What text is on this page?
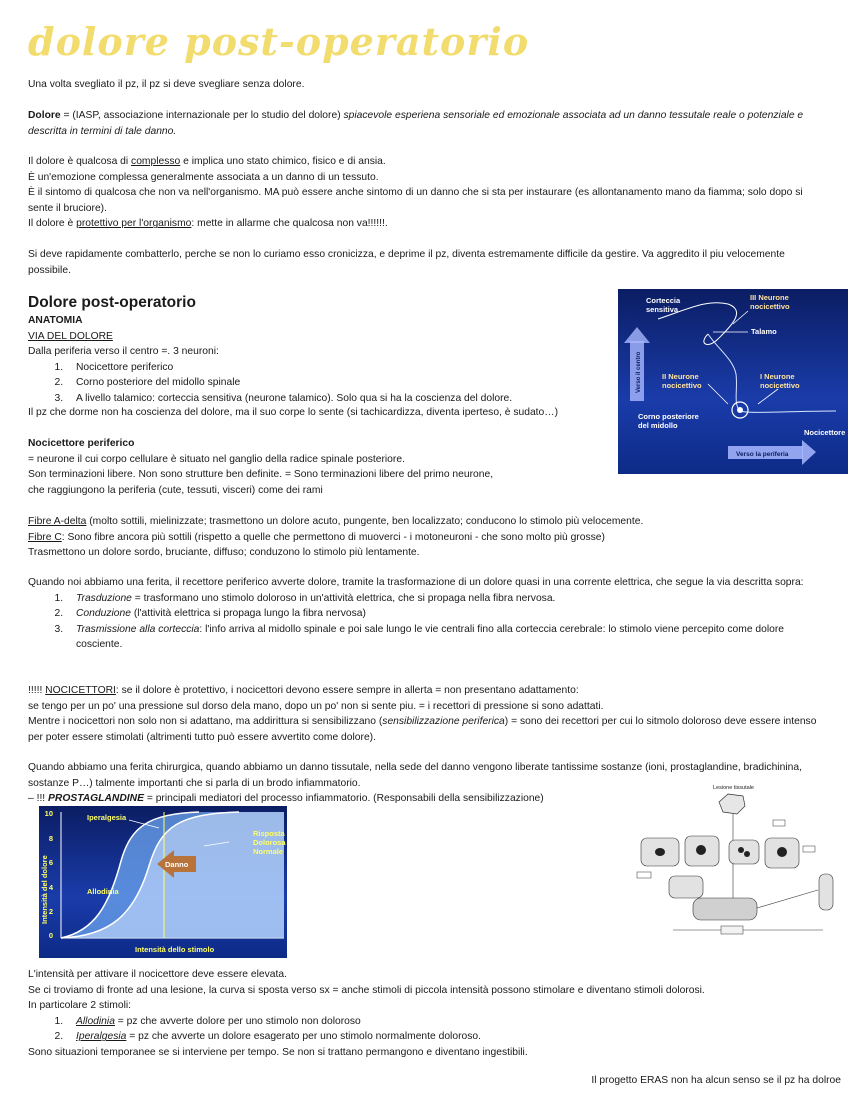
dolore post-operatorio

Una volta svegliato il pz, il pz si deve svegliare senza dolore.

Dolore = (IASP, associazione internazionale per lo studio del dolore) spiacevole esperiena sensoriale ed emozionale associata ad un danno tessutale reale o potenziale e descritta in termini di tale danno.

Il dolore è qualcosa di complesso e implica uno stato chimico, fisico e di ansia.

È un'emozione complessa generalmente associata a un danno di un tessuto.

È il sintomo di qualcosa che non va nell'organismo. MA può essere anche sintomo di un danno che si sta per instaurare (es allontanamento mano da fiamma; solo dopo si sente il bruciore).

Il dolore è protettivo per l'organismo: mette in allarme che qualcosa non va!!!!!!.

Si deve rapidamente combatterlo, perche se non lo curiamo esso cronicizza, e deprime il pz, diventa estremamente difficile da gestire. Va aggredito il piu velocemente possibile.

Dolore post-operatorio

ANATOMIA

VIA DEL DOLORE

Dalla periferia verso il centro =. 3 neuroni:

1. Nocicettore periferico
2. Corno posteriore del midollo spinale
3. A livello talamico: corteccia sensitiva (neurone talamico). Solo qua si ha la coscienza del dolore.

Il pz che dorme non ha coscienza del dolore, ma il suo corpe lo sente (si tachicardizza, diventa iperteso, è sudato…)

Corteccia
sensitiva
III Neurone
nocicettivo
Talamo
II Neurone
nocicettivo
I Neurone
nocicettivo
Corno posteriore
del midollo
Nocicettore
Verso la periferia
Verso il centro

Nocicettore periferico

= neurone il cui corpo cellulare è situato nel ganglio della radice spinale posteriore.

Son terminazioni libere. Non sono strutture ben definite. = Sono terminazioni libere del primo neurone,

che raggiungono la periferia (cute, tessuti, visceri) come dei rami

Fibre A-delta (molto sottili, mielinizzate; trasmettono un dolore acuto, pungente, ben localizzato; conducono lo stimolo più velocemente.

Fibre C: Sono fibre ancora più sottili (rispetto a quelle che permettono di muoverci - i motoneuroni - che sono molto più grosse)

Trasmettono un dolore sordo, bruciante, diffuso; conduzono lo stimolo più lentamente.

Quando noi abbiamo una ferita, il recettore periferico avverte dolore, tramite la trasformazione di un dolore quasi in una corrente elettrica, che segue la via descritta sopra:

1. Trasduzione = trasformano uno stimolo doloroso in un'attività elettrica, che si propaga nella fibra nervosa.
2. Conduzione (l'attività elettrica si propaga lungo la fibra nervosa)
3. Trasmissione alla corteccia: l'info arriva al midollo spinale e poi sale lungo le vie centrali fino alla corteccia cerebrale: lo stimolo viene percepito come dolore cosciente.

!!!!! NOCICETTORI: se il dolore è protettivo, i nocicettori devono essere sempre in allerta = non presentano adattamento:

se tengo per un po' una pressione sul dorso dela mano, dopo un po' non si sente piu. = i recettori di pressione si sono adattati.

Mentre i nocicettori non solo non si adattano, ma addirittura si sensibilizzano (sensibilizzazione periferica) = sono dei recettori per cui lo sitmolo doloroso deve essere intenso per poter essere stimolati (altrimenti tutto può essere avvertito come dolore).

Quando abbiamo una ferita chirurgica, quando abbiamo un danno tissutale, nella sede del danno vengono liberate tantissime sostanze (ioni, prostaglandine, bradichinina, sostanze P…) talmente importanti che si parla di un brodo infiammatorio.

– !!! PROSTAGLANDINE = principali mediatori del processo infiammatorio. (Responsabili della sensibilizzazione)

10
8
6
4
2
0
Iperalgesia
Allodinia
Danno
Risposta
Dolorosa
Normale
Intensità dello stimolo
Intensità del dolore
Lesione tissutale

L'intensità per attivare il nocicettore deve essere elevata.

Se ci troviamo di fronte ad una lesione, la curva si sposta verso sx = anche stimoli di piccola intensità possono stimolare e diventano stimoli dolorosi.

In particolare 2 stimoli:

1. Allodinia = pz che avverte dolore per uno stimolo non doloroso
2. Iperalgesia = pz che avverte un dolore esagerato per uno stimolo normalmente doloroso.

Sono situazioni temporanee se si interviene per tempo. Se non si trattano permangono e diventano ingestibili.

Il progetto ERAS non ha alcun senso se il pz ha dolroe
